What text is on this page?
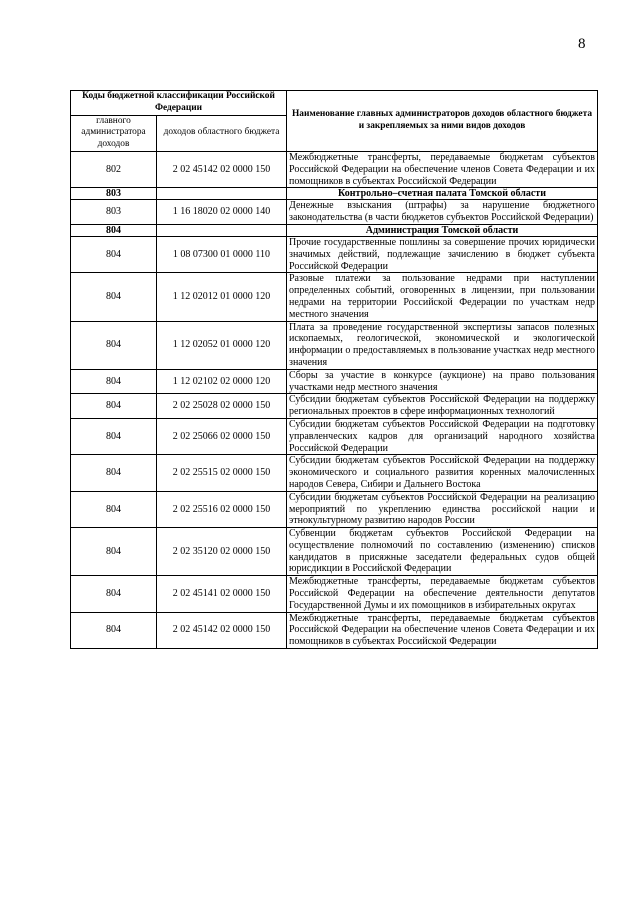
8
Коды бюджетной классификации Российской Федерации		Наименование главных администраторов доходов областного бюджета и закрепляемых за ними видов доходов
главного администратора доходов	доходов областного бюджета	
802	2 02 45142 02 0000 150	Межбюджетные трансферты, передаваемые бюджетам субъектов Российской Федерации на обеспечение членов Совета Федерации и их помощников в субъектах Российской Федерации
803		Контрольно–счетная палата Томской области
803	1 16 18020 02 0000 140	Денежные взыскания (штрафы) за нарушение бюджетного законодательства (в части бюджетов субъектов Российской Федерации)
804		Администрация Томской области
804	1 08 07300 01 0000 110	Прочие государственные пошлины за совершение прочих юридически значимых действий, подлежащие зачислению в бюджет субъекта Российской Федерации
804	1 12 02012 01 0000 120	Разовые платежи за пользование недрами при наступлении определенных событий, оговоренных в лицензии, при пользовании недрами на территории Российской Федерации по участкам недр местного значения
804	1 12 02052 01 0000 120	Плата за проведение государственной экспертизы запасов полезных ископаемых, геологической, экономической и экологической информации о предоставляемых в пользование участках недр местного значения
804	1 12 02102 02 0000 120	Сборы за участие в конкурсе (аукционе) на право пользования участками недр местного значения
804	2 02 25028 02 0000 150	Субсидии бюджетам субъектов Российской Федерации на поддержку региональных проектов в сфере информационных технологий
804	2 02 25066 02 0000 150	Субсидии бюджетам субъектов Российской Федерации на подготовку управленческих кадров для организаций народного хозяйства Российской Федерации
804	2 02 25515 02 0000 150	Субсидии бюджетам субъектов Российской Федерации на поддержку экономического и социального развития коренных малочисленных народов Севера, Сибири и Дальнего Востока
804	2 02 25516 02 0000 150	Субсидии бюджетам субъектов Российской Федерации на реализацию мероприятий по укреплению единства российской нации и этнокультурному развитию народов России
804	2 02 35120 02 0000 150	Субвенции бюджетам субъектов Российской Федерации на осуществление полномочий по составлению (изменению) списков кандидатов в присяжные заседатели федеральных судов общей юрисдикции в Российской Федерации
804	2 02 45141 02 0000 150	Межбюджетные трансферты, передаваемые бюджетам субъектов Российской Федерации на обеспечение деятельности депутатов Государственной Думы и их помощников в избирательных округах
804	2 02 45142 02 0000 150	Межбюджетные трансферты, передаваемые бюджетам субъектов Российской Федерации на обеспечение членов Совета Федерации и их помощников в субъектах Российской Федерации
